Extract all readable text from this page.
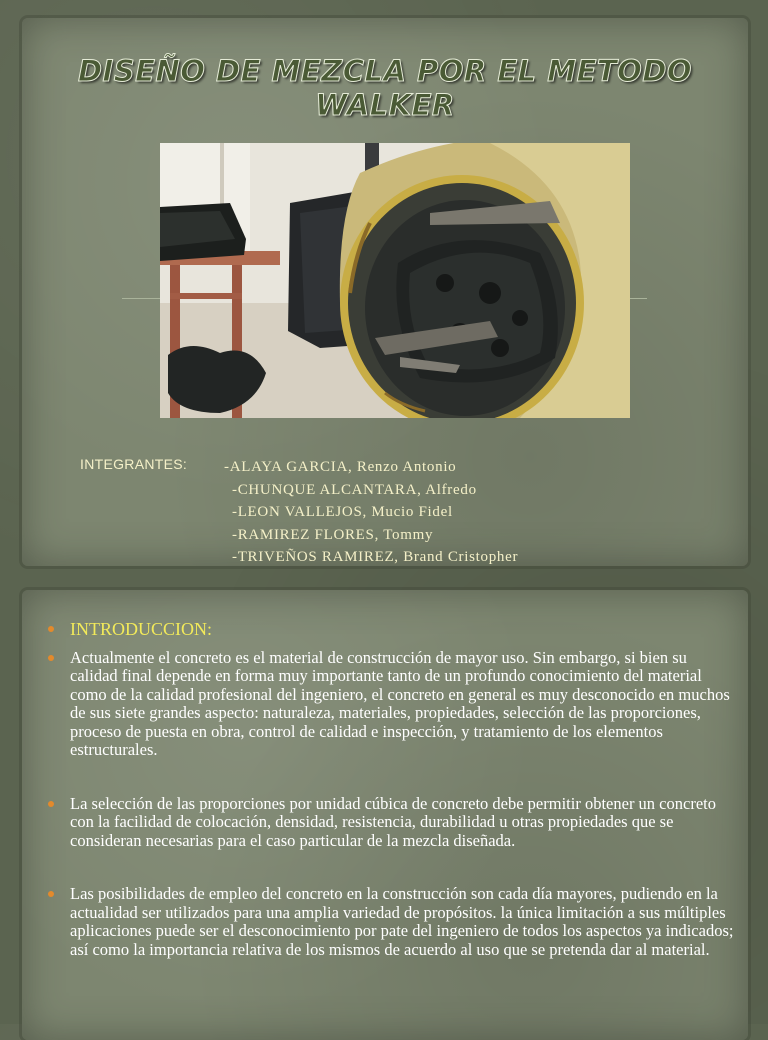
DISEÑO DE MEZCLA POR EL METODO
WALKER
INTEGRANTES: -ALAYA GARCIA, Renzo Antonio
-CHUNQUE ALCANTARA, Alfredo
-LEON VALLEJOS, Mucio Fidel
-RAMIREZ FLORES, Tommy
-TRIVEÑOS RAMIREZ, Brand Cristopher
INTRODUCCION:
Actualmente el concreto es el material de construcción de mayor uso. Sin embargo, si bien su calidad final depende en forma muy importante tanto de un profundo conocimiento del material como de la calidad profesional del ingeniero, el concreto en general es muy desconocido en muchos de sus siete grandes aspecto: naturaleza, materiales, propiedades, selección de las proporciones, proceso de puesta en obra, control de calidad e inspección, y tratamiento de los elementos estructurales.
La selección de las proporciones por unidad cúbica de concreto debe permitir obtener un concreto con la facilidad de colocación, densidad, resistencia, durabilidad u otras propiedades que se consideran necesarias para el caso particular de la mezcla diseñada.
Las posibilidades de empleo del concreto en la construcción son cada día mayores, pudiendo en la actualidad ser utilizados para una amplia variedad de propósitos. la única limitación a sus múltiples aplicaciones puede ser el desconocimiento por pate del ingeniero de todos los aspectos ya indicados; así como la importancia relativa de los mismos de acuerdo al uso que se pretenda dar al material.
